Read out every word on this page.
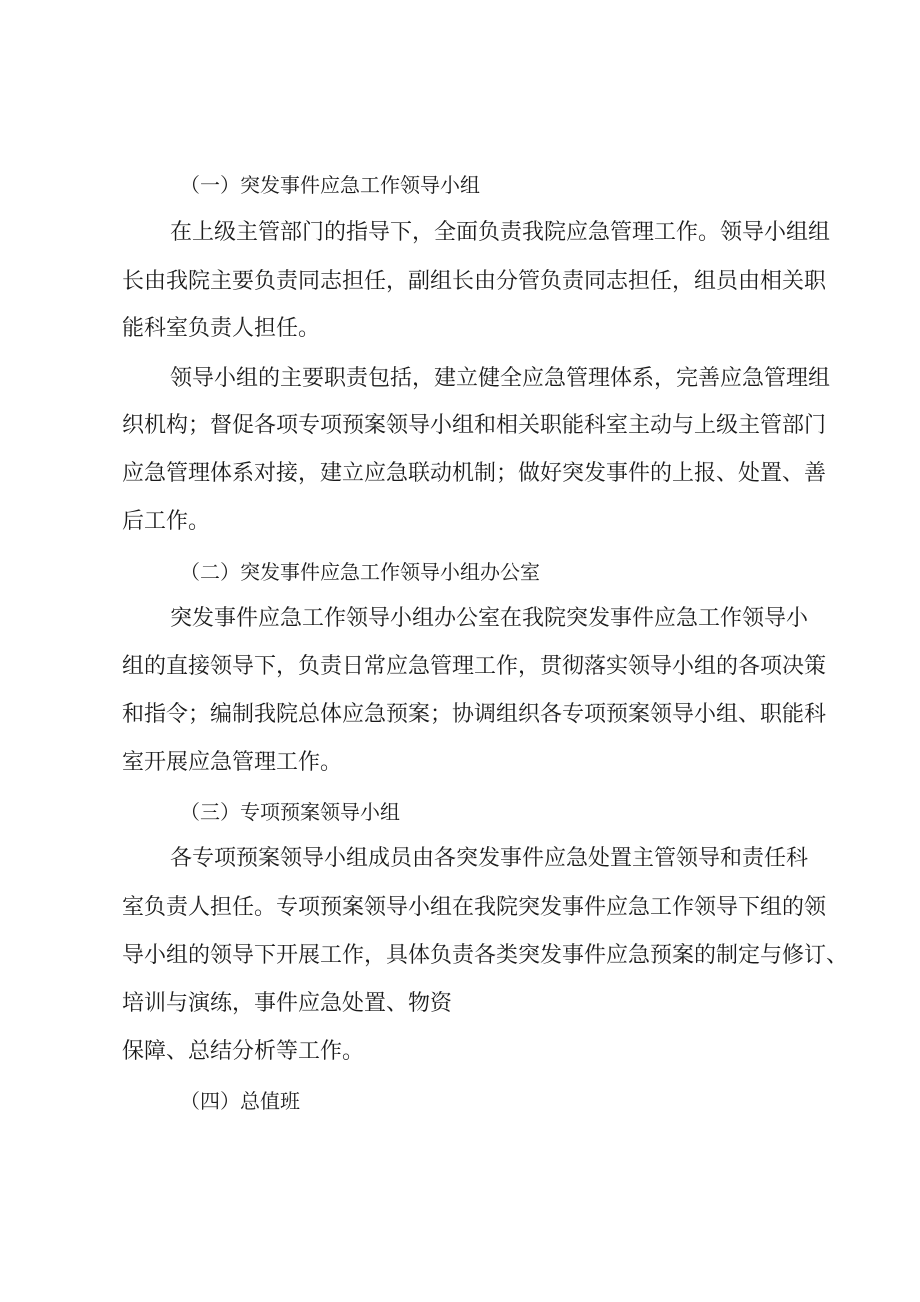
（一）突发事件应急工作领导小组
在上级主管部门的指导下，全面负责我院应急管理工作。领导小组组
长由我院主要负责同志担任，副组长由分管负责同志担任，组员由相关职
能科室负责人担任。
领导小组的主要职责包括，建立健全应急管理体系，完善应急管理组
织机构；督促各项专项预案领导小组和相关职能科室主动与上级主管部门
应急管理体系对接，建立应急联动机制；做好突发事件的上报、处置、善
后工作。
（二）突发事件应急工作领导小组办公室
突发事件应急工作领导小组办公室在我院突发事件应急工作领导小
组的直接领导下，负责日常应急管理工作，贯彻落实领导小组的各项决策
和指令；编制我院总体应急预案；协调组织各专项预案领导小组、职能科
室开展应急管理工作。
（三）专项预案领导小组
各专项预案领导小组成员由各突发事件应急处置主管领导和责任科
室负责人担任。专项预案领导小组在我院突发事件应急工作领导下组的领
导小组的领导下开展工作，具体负责各类突发事件应急预案的制定与修订、
培训与演练，事件应急处置、物资
保障、总结分析等工作。
（四）总值班
